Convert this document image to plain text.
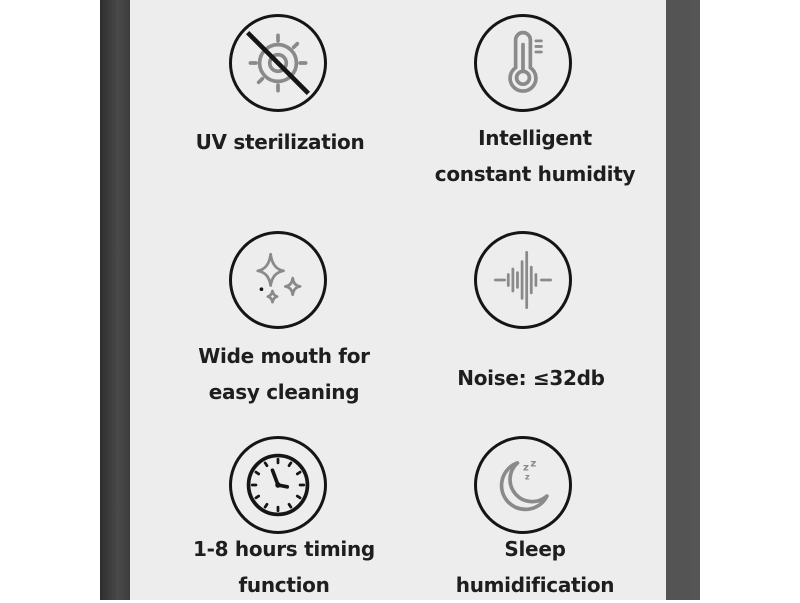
UV sterilization	Intelligent
constant humidity
Wide mouth for
easy cleaning
Noise: ≤32db
1-8 hours timing
function
z z
z
Sleep
humidification
